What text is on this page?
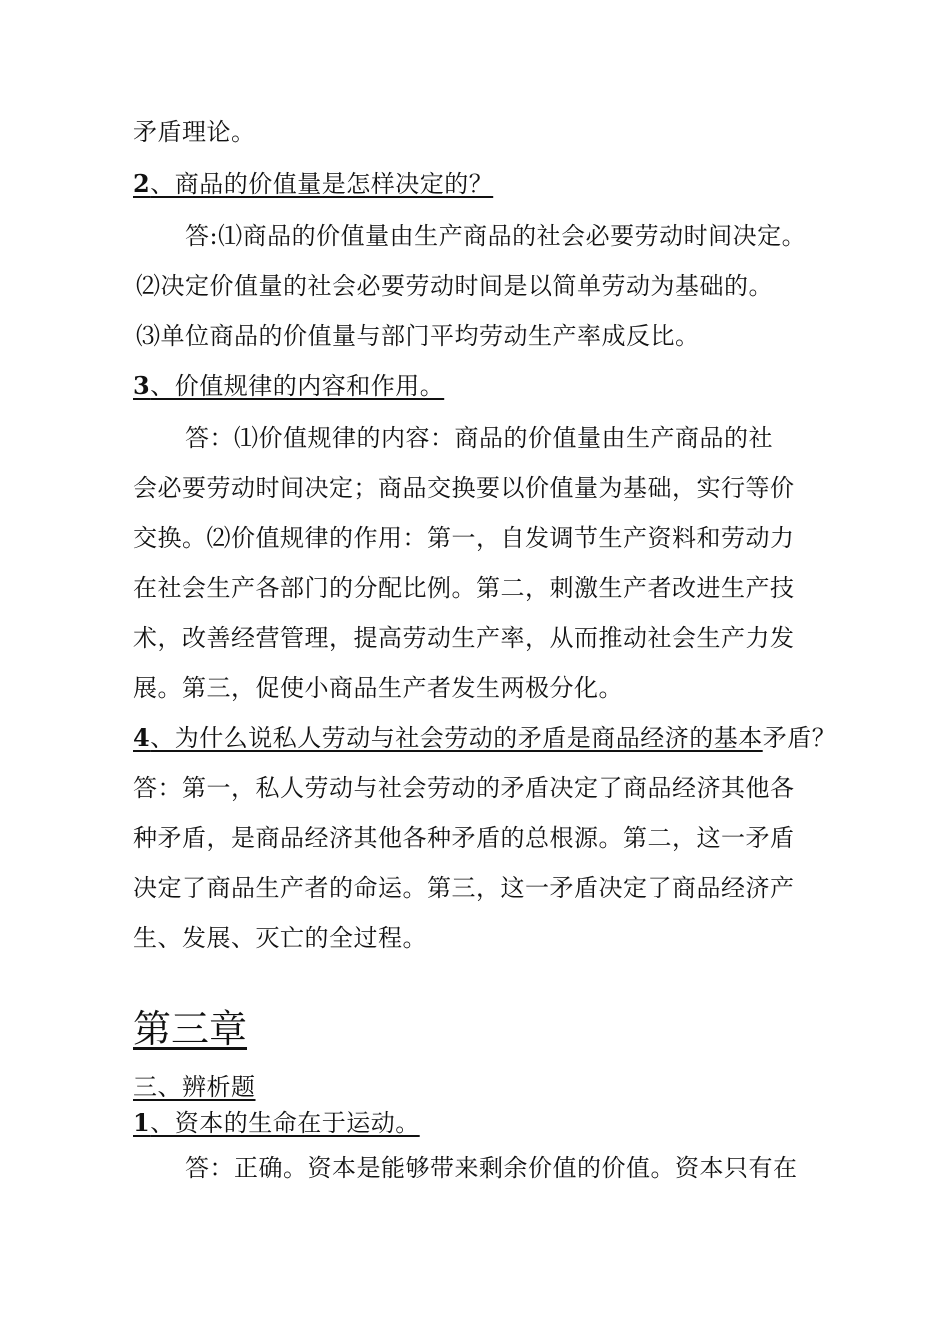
矛盾理论。
2、商品的价值量是怎样决定的？
答:⑴商品的价值量由生产商品的社会必要劳动时间决定。
⑵决定价值量的社会必要劳动时间是以简单劳动为基础的。
⑶单位商品的价值量与部门平均劳动生产率成反比。
3、价值规律的内容和作用。
答：⑴价值规律的内容：商品的价值量由生产商品的社
会必要劳动时间决定；商品交换要以价值量为基础，实行等价
交换。⑵价值规律的作用：第一，自发调节生产资料和劳动力
在社会生产各部门的分配比例。第二，刺激生产者改进生产技
术，改善经营管理，提高劳动生产率，从而推动社会生产力发
展。第三，促使小商品生产者发生两极分化。
4、为什么说私人劳动与社会劳动的矛盾是商品经济的基本矛盾？
答：第一，私人劳动与社会劳动的矛盾决定了商品经济其他各
种矛盾，是商品经济其他各种矛盾的总根源。第二，这一矛盾
决定了商品生产者的命运。第三，这一矛盾决定了商品经济产
生、发展、灭亡的全过程。
第三章
三、辨析题
1、资本的生命在于运动。
答：正确。资本是能够带来剩余价值的价值。资本只有在
